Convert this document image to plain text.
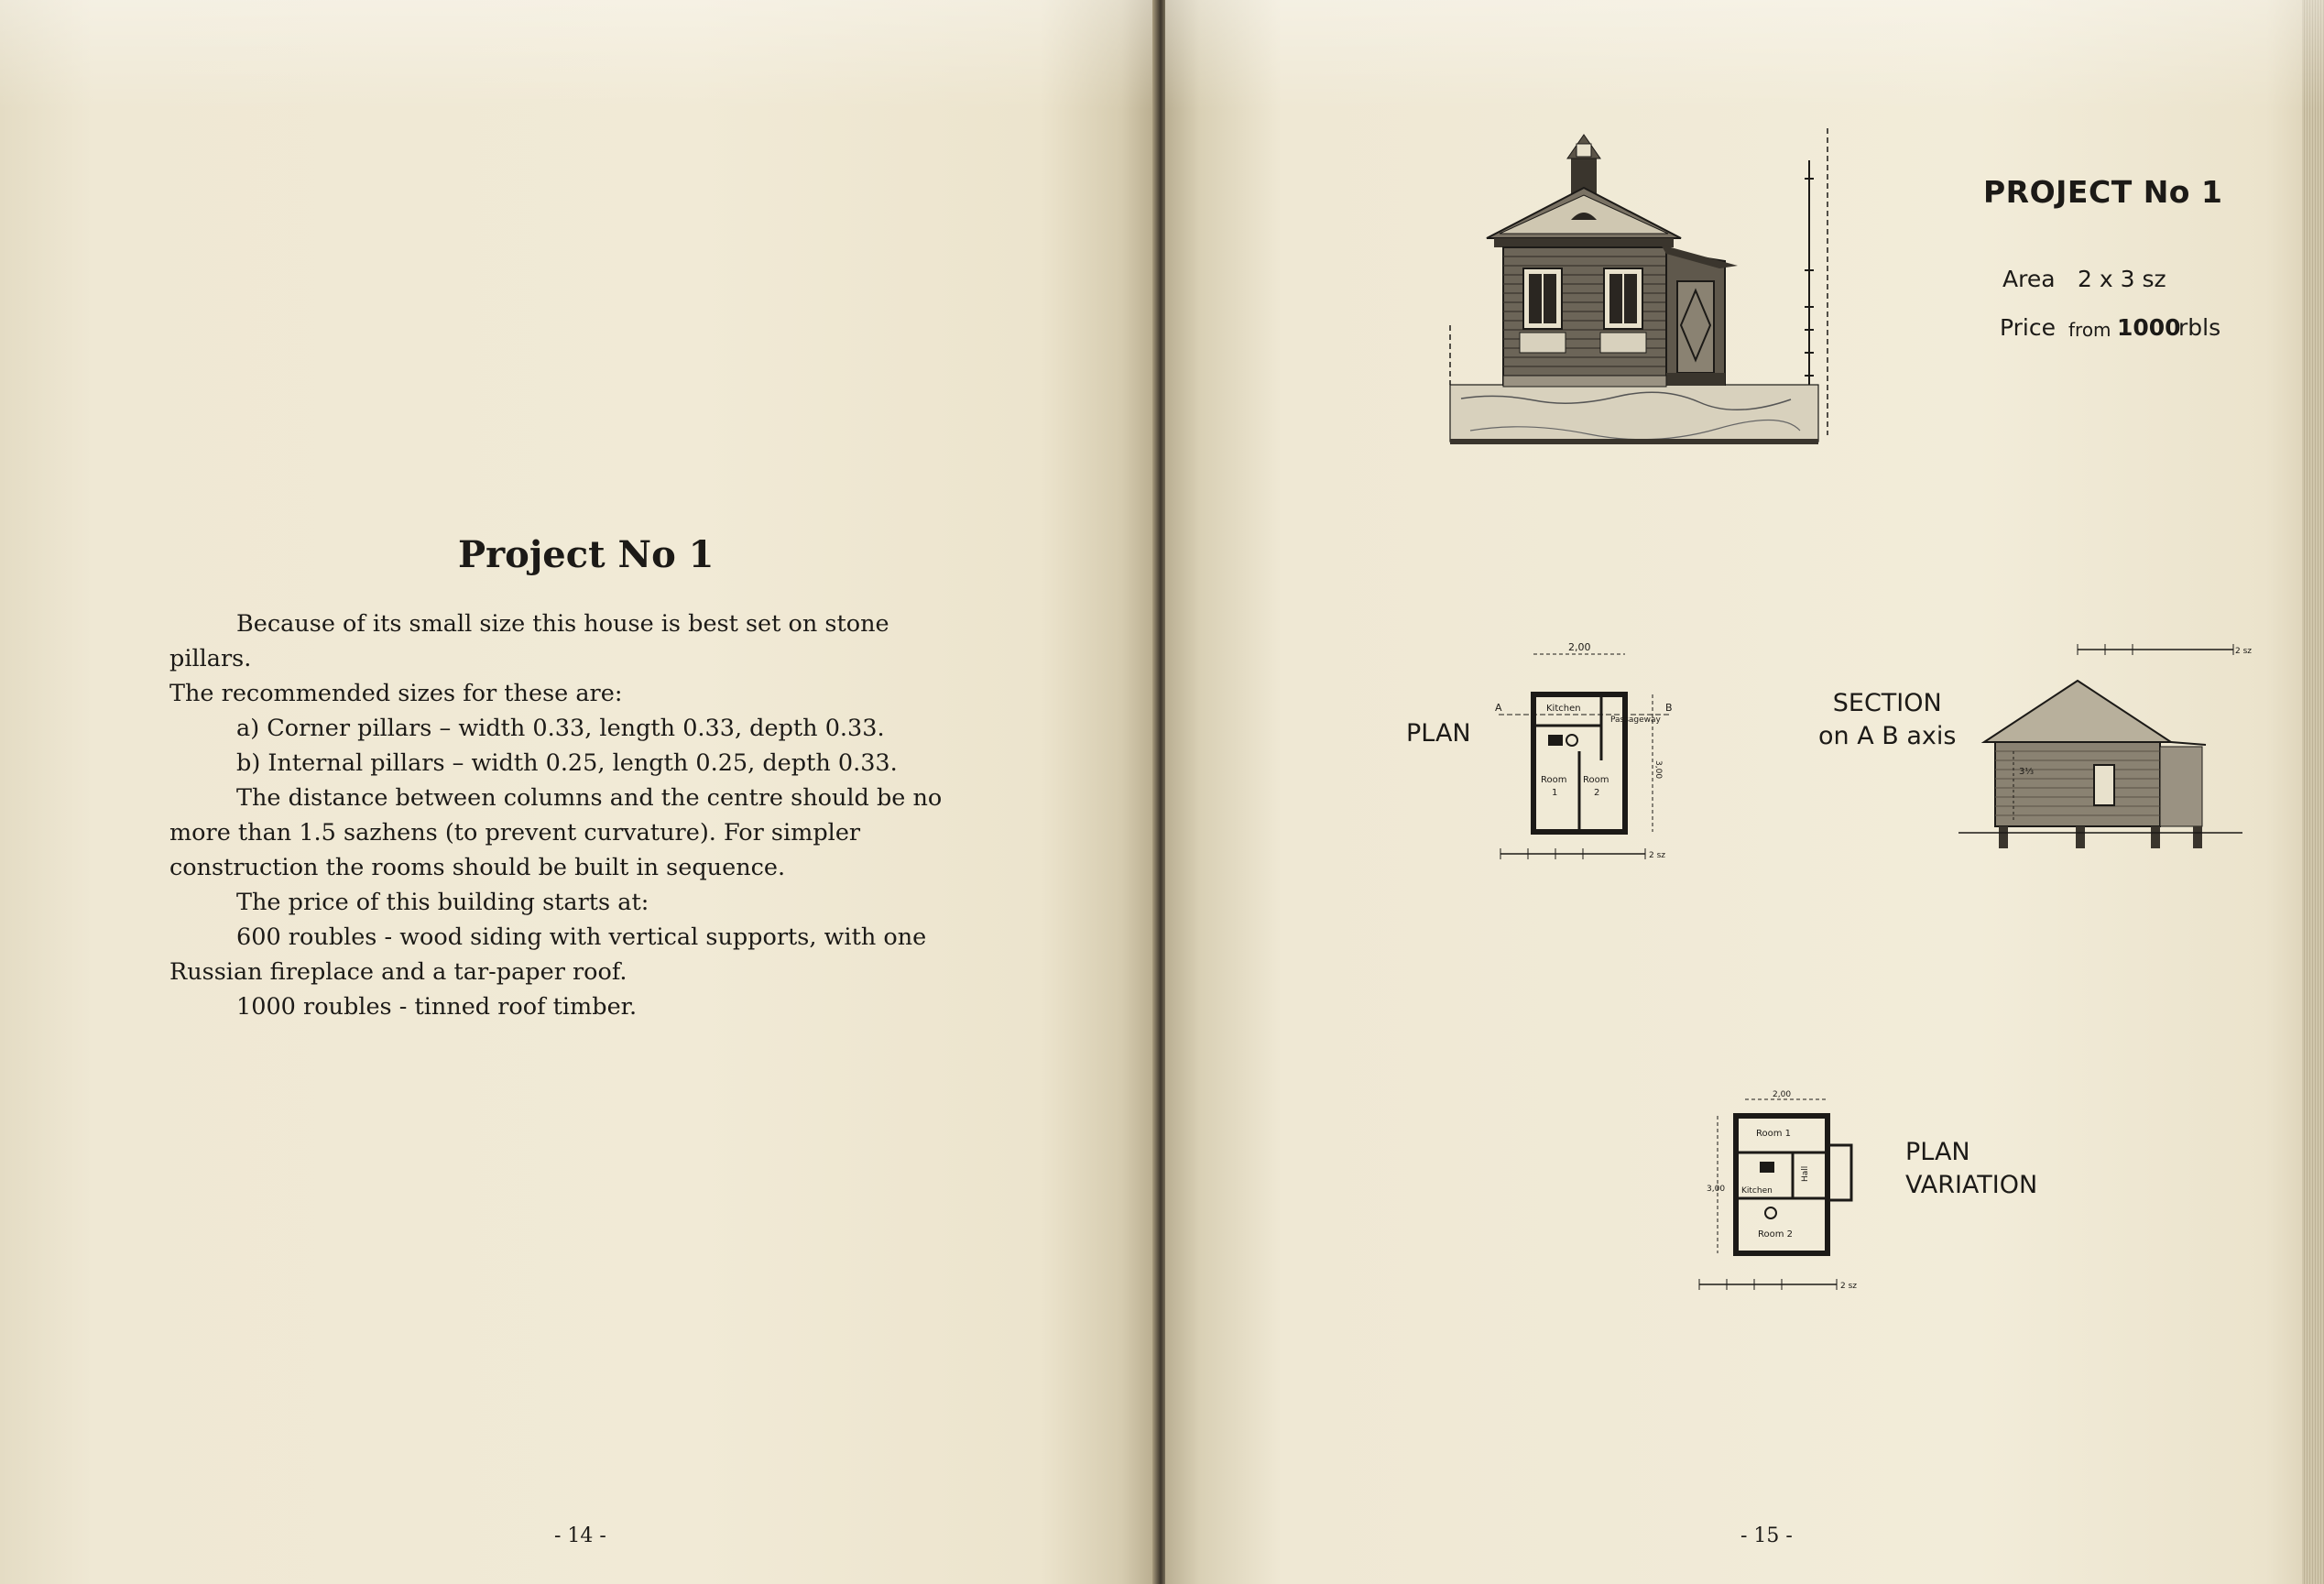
Project No 1

Because of its small size this house is best set on stone pillars.

The recommended sizes for these are:

a) Corner pillars – width 0.33, length 0.33, depth 0.33.

b) Internal pillars – width 0.25, length 0.25, depth 0.33.

The distance between columns and the centre should be no more than 1.5 sazhens (to prevent curvature). For simpler construction the rooms should be built in sequence.

The price of this building starts at:

600 roubles - wood siding with vertical supports, with one Russian fireplace and a tar-paper roof.

1000 roubles - tinned roof timber.

- 14 -
PROJECT No 1
Area 2 x 3 sz
Price from 1000
rbls
PLAN
2,00
A	B
Kitchen
Passageway
Room
1
Room
2
3,00
2 sz
SECTION
on A B axis
2 sz
3⅓
PLAN
VARIATION
2,00
Room 1
Kitchen
Hall
Room 2
3,00
2 sz
- 15 -
